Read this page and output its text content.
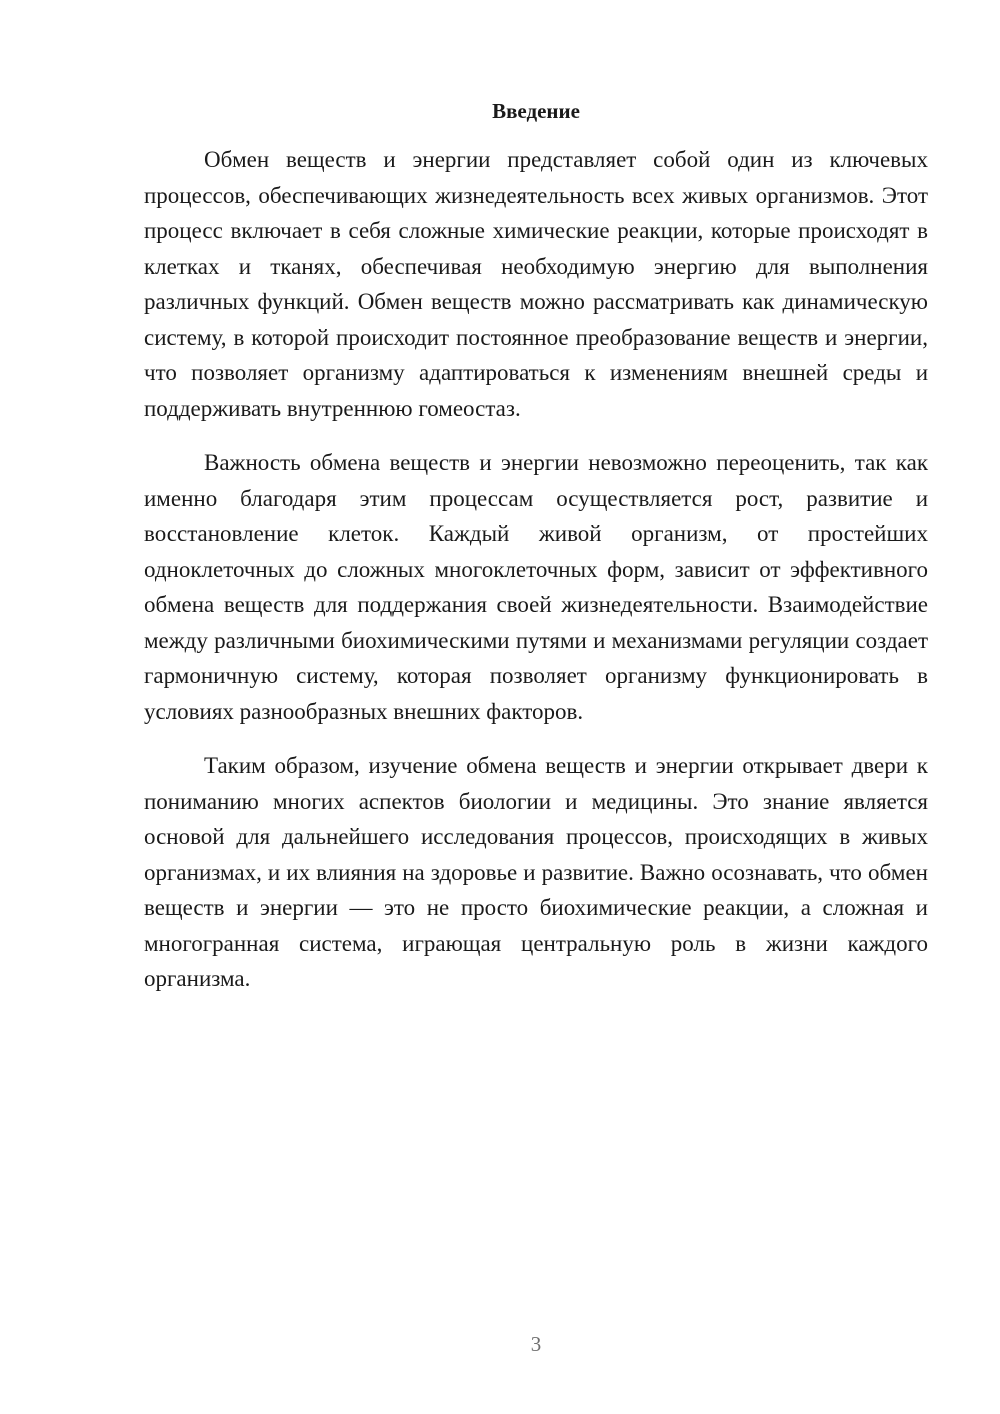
Введение

Обмен веществ и энергии представляет собой один из ключевых процессов, обеспечивающих жизнедеятельность всех живых организмов. Этот процесс включает в себя сложные химические реакции, которые происходят в клетках и тканях, обеспечивая необходимую энергию для выполнения различных функций. Обмен веществ можно рассматривать как динамическую систему, в которой происходит постоянное преобразование веществ и энергии, что позволяет организму адаптироваться к изменениям внешней среды и поддерживать внутреннюю гомеостаз.

Важность обмена веществ и энергии невозможно переоценить, так как именно благодаря этим процессам осуществляется рост, развитие и восстановление клеток. Каждый живой организм, от простейших одноклеточных до сложных многоклеточных форм, зависит от эффективного обмена веществ для поддержания своей жизнедеятельности. Взаимодействие между различными биохимическими путями и механизмами регуляции создает гармоничную систему, которая позволяет организму функционировать в условиях разнообразных внешних факторов.

Таким образом, изучение обмена веществ и энергии открывает двери к пониманию многих аспектов биологии и медицины. Это знание является основой для дальнейшего исследования процессов, происходящих в живых организмах, и их влияния на здоровье и развитие. Важно осознавать, что обмен веществ и энергии — это не просто биохимические реакции, а сложная и многогранная система, играющая центральную роль в жизни каждого организма.

3
